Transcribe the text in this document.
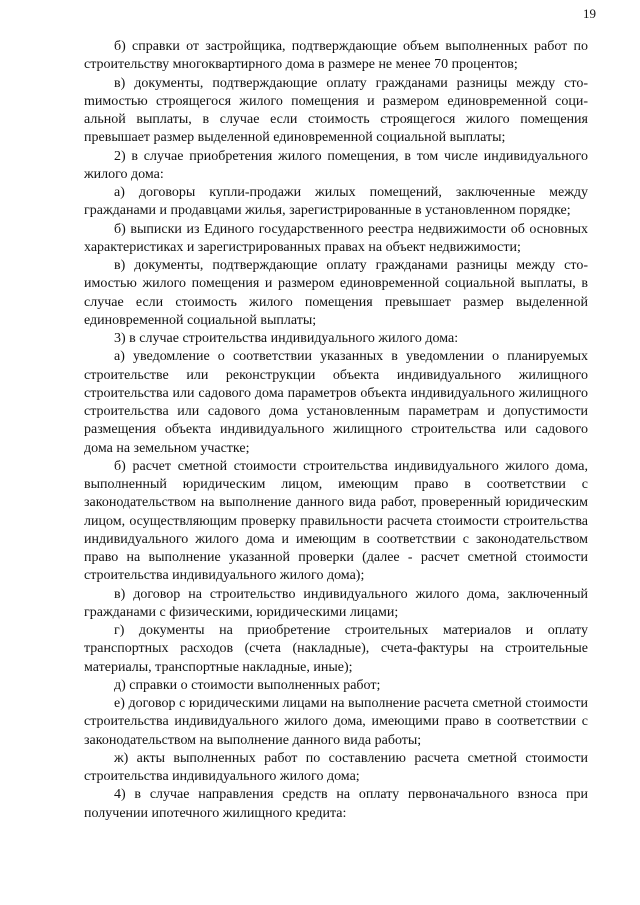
19

б) справки от застройщика, подтверждающие объем выполненных работ по строительству многоквартирного дома в размере не менее 70 процентов;

в) документы, подтверждающие оплату гражданами разницы между стоmимостью строящегося жилого помещения и размером единовременной социальной выплаты, в случае если стоимость строящегося жилого помещения превышает размер выделенной единовременной социальной выплаты;

2) в случае приобретения жилого помещения, в том числе индивидуального жилого дома:

а) договоры купли-продажи жилых помещений, заключенные между гражданами и продавцами жилья, зарегистрированные в установленном порядке;

б) выписки из Единого государственного реестра недвижимости об основных характеристиках и зарегистрированных правах на объект недвижимости;

в) документы, подтверждающие оплату гражданами разницы между стоимостью жилого помещения и размером единовременной социальной выплаты, в случае если стоимость жилого помещения превышает размер выделенной единовременной социальной выплаты;

3) в случае строительства индивидуального жилого дома:

а) уведомление о соответствии указанных в уведомлении о планируемых строительстве или реконструкции объекта индивидуального жилищного строительства или садового дома параметров объекта индивидуального жилищного строительства или садового дома установленным параметрам и допустимости размещения объекта индивидуального жилищного строительства или садового дома на земельном участке;

б) расчет сметной стоимости строительства индивидуального жилого дома, выполненный юридическим лицом, имеющим право в соответствии с законодательством на выполнение данного вида работ, проверенный юридическим лицом, осуществляющим проверку правильности расчета стоимости строительства индивидуального жилого дома и имеющим в соответствии с законодательством право на выполнение указанной проверки (далее - расчет сметной стоимости строительства индивидуального жилого дома);

в) договор на строительство индивидуального жилого дома, заключенный гражданами с физическими, юридическими лицами;

г) документы на приобретение строительных материалов и оплату транспортных расходов (счета (накладные), счета-фактуры на строительные материалы, транспортные накладные, иные);

д) справки о стоимости выполненных работ;

е) договор с юридическими лицами на выполнение расчета сметной стоимости строительства индивидуального жилого дома, имеющими право в соответствии с законодательством на выполнение данного вида работы;

ж) акты выполненных работ по составлению расчета сметной стоимости строительства индивидуального жилого дома;

4) в случае направления средств на оплату первоначального взноса при получении ипотечного жилищного кредита:
